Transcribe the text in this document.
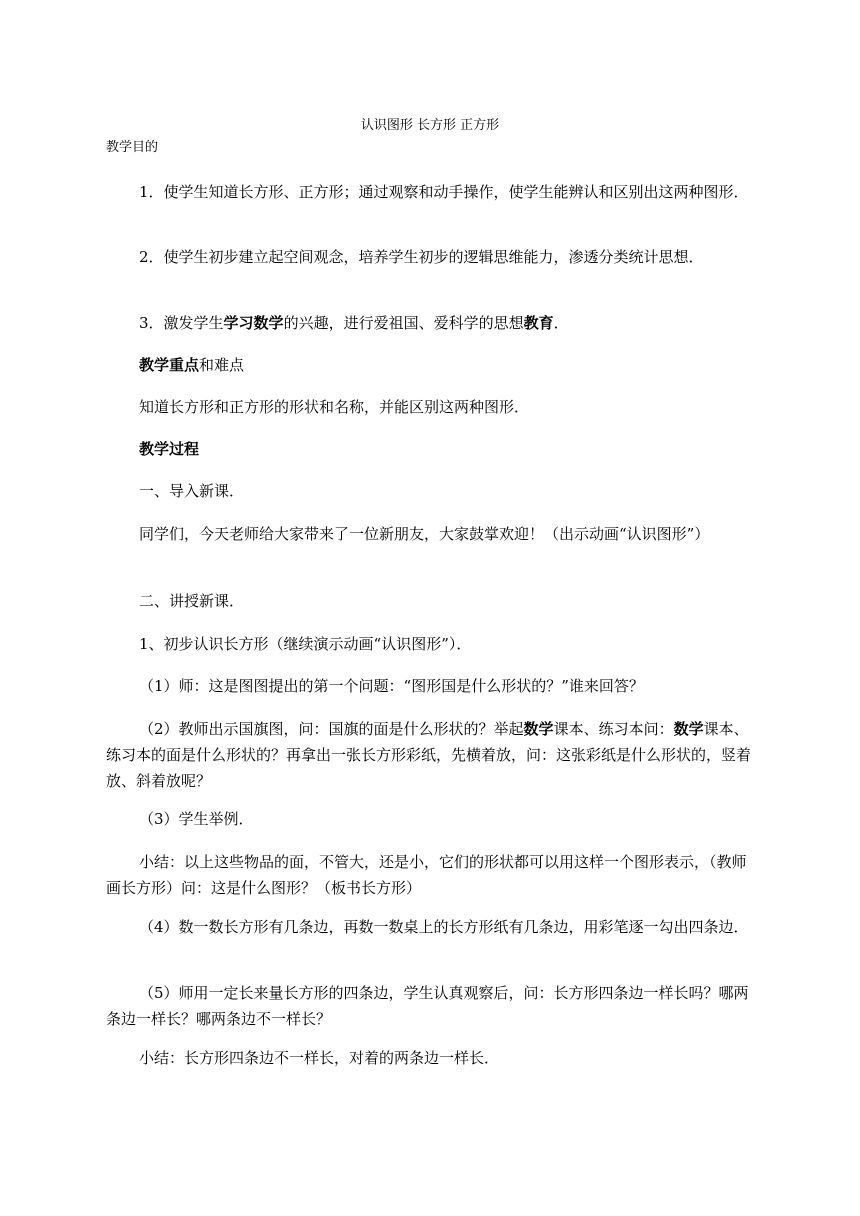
认识图形 长方形 正方形
教学目的

1．使学生知道长方形、正方形；通过观察和动手操作，使学生能辨认和区别出这两种图形．

2．使学生初步建立起空间观念，培养学生初步的逻辑思维能力，渗透分类统计思想．

3．激发学生学习数学的兴趣，进行爱祖国、爱科学的思想教育．

教学重点和难点

知道长方形和正方形的形状和名称，并能区别这两种图形．

教学过程

一、导入新课．

同学们，今天老师给大家带来了一位新朋友，大家鼓掌欢迎！（出示动画“认识图形”）

二、讲授新课．

1、初步认识长方形（继续演示动画“认识图形”）．

（1）师：这是图图提出的第一个问题：“图形国是什么形状的？”谁来回答？

（2）教师出示国旗图，问：国旗的面是什么形状的？举起数学课本、练习本问：数学课本、练习本的面是什么形状的？再拿出一张长方形彩纸，先横着放，问：这张彩纸是什么形状的，竖着放、斜着放呢？

（3）学生举例．

小结：以上这些物品的面，不管大，还是小，它们的形状都可以用这样一个图形表示，（教师画长方形）问：这是什么图形？（板书长方形）

（4）数一数长方形有几条边，再数一数桌上的长方形纸有几条边，用彩笔逐一勾出四条边．

（5）师用一定长来量长方形的四条边，学生认真观察后，问：长方形四条边一样长吗？哪两条边一样长？哪两条边不一样长？

小结：长方形四条边不一样长，对着的两条边一样长．
